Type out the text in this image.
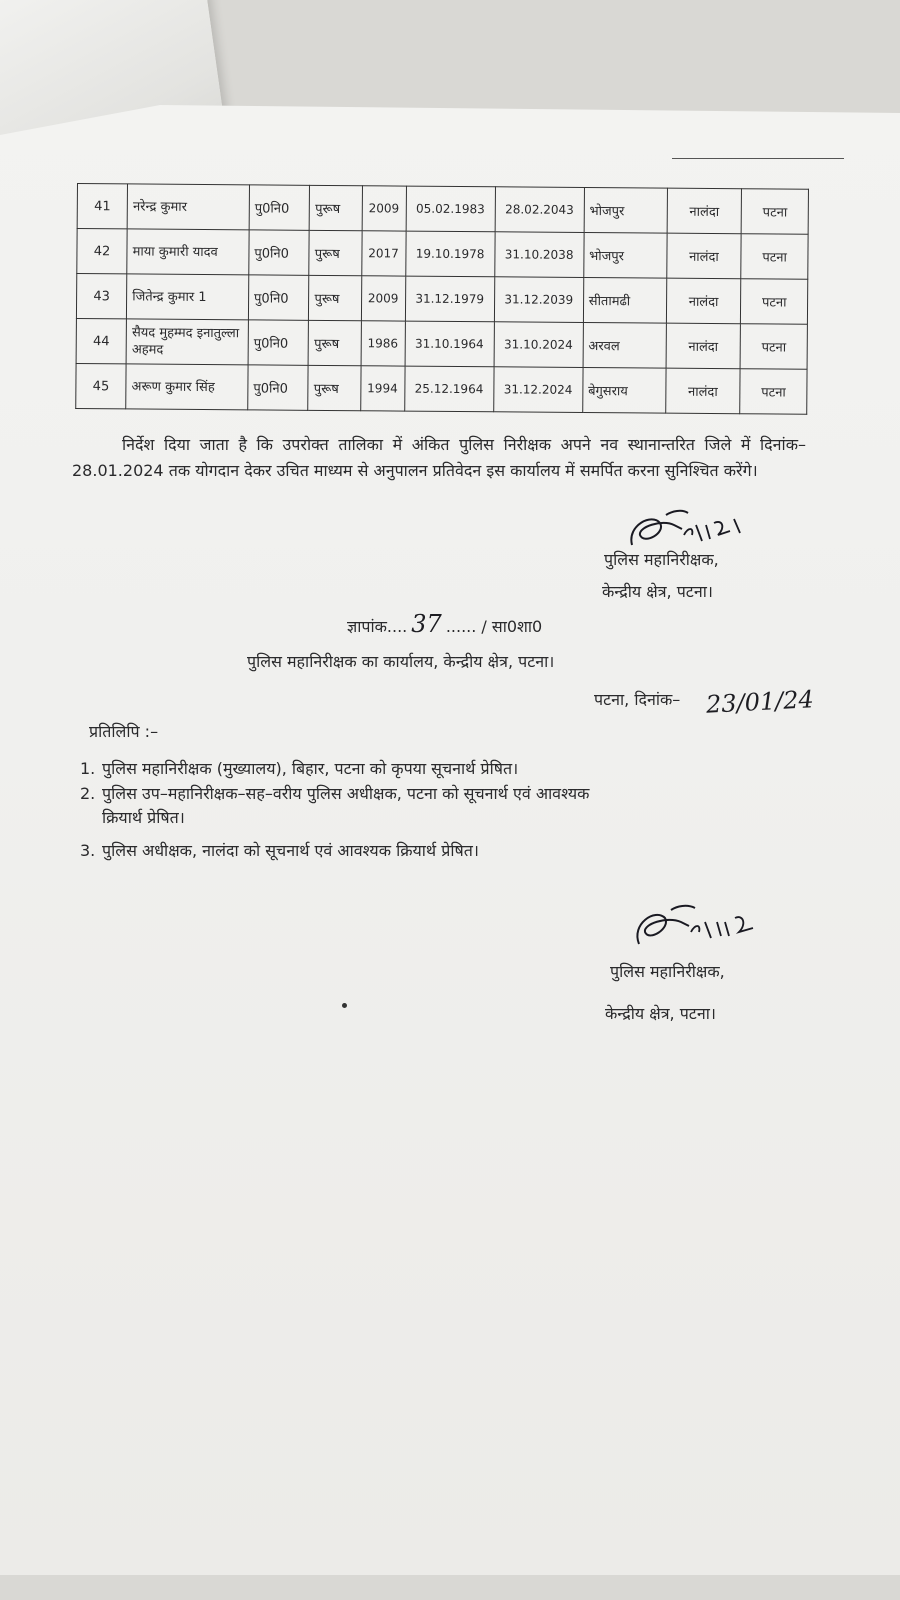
41	नरेन्द्र कुमार	पु0नि0	पुरूष	2009	05.02.1983	28.02.2043	भोजपुर	नालंदा	पटना
42	माया कुमारी यादव	पु0नि0	पुरूष	2017	19.10.1978	31.10.2038	भोजपुर	नालंदा	पटना
43	जितेन्द्र कुमार 1	पु0नि0	पुरूष	2009	31.12.1979	31.12.2039	सीतामढी	नालंदा	पटना
44	सैयद मुहम्मद इनातुल्ला अहमद	पु0नि0	पुरूष	1986	31.10.1964	31.10.2024	अरवल	नालंदा	पटना
45	अरूण कुमार सिंह	पु0नि0	पुरूष	1994	25.12.1964	31.12.2024	बेगुसराय	नालंदा	पटना
निर्देश दिया जाता है कि उपरोक्त तालिका में अंकित पुलिस निरीक्षक अपने नव स्थानान्तरित जिले में दिनांक–28.01.2024 तक योगदान देकर उचित माध्यम से अनुपालन प्रतिवेदन इस कार्यालय में समर्पित करना सुनिश्चित करेंगे।
पुलिस महानिरीक्षक,
केन्द्रीय क्षेत्र, पटना।
ज्ञापांक.... 37 ...... / सा0शा0
पुलिस महानिरीक्षक का कार्यालय, केन्द्रीय क्षेत्र, पटना।
पटना, दिनांक– 23/01/24
प्रतिलिपि :–
1. पुलिस महानिरीक्षक (मुख्यालय), बिहार, पटना को कृपया सूचनार्थ प्रेषित।
2. पुलिस उप–महानिरीक्षक–सह–वरीय पुलिस अधीक्षक, पटना को सूचनार्थ एवं आवश्यक
क्रियार्थ प्रेषित।
3. पुलिस अधीक्षक, नालंदा को सूचनार्थ एवं आवश्यक क्रियार्थ प्रेषित।
पुलिस महानिरीक्षक,
केन्द्रीय क्षेत्र, पटना।
